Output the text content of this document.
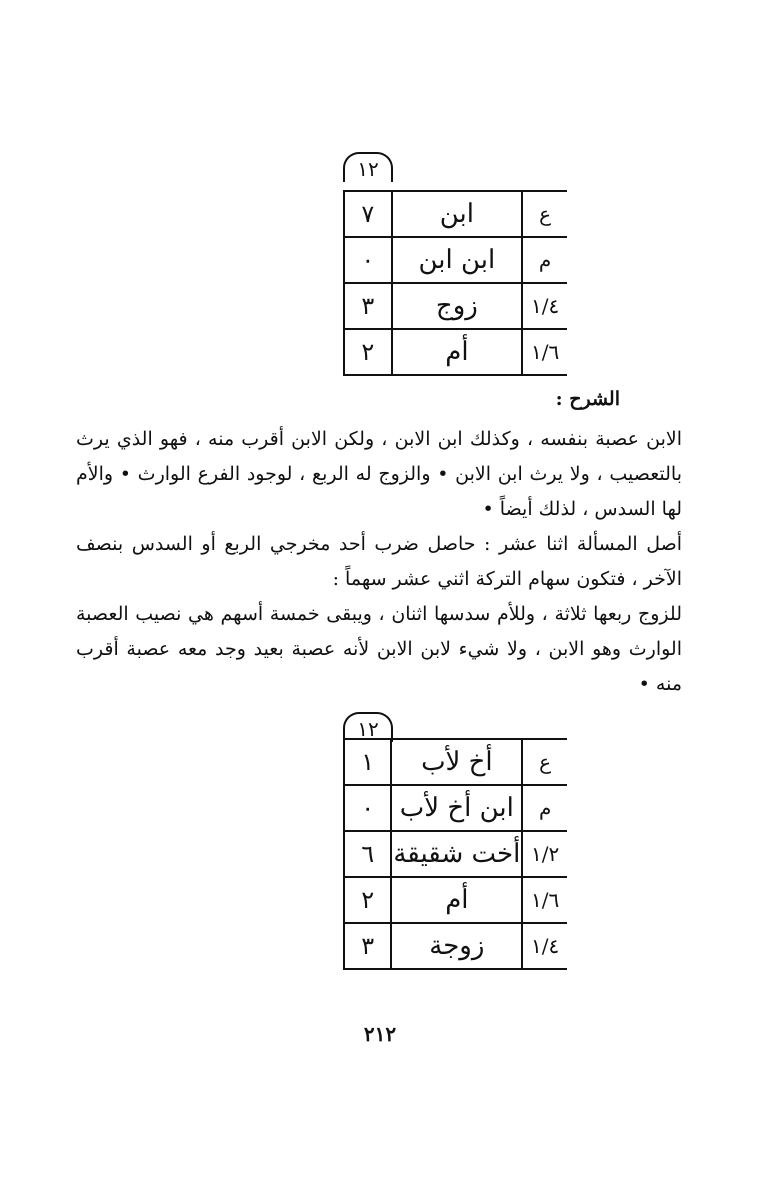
١٢
ع	ابن	٧
م	ابن ابن	٠
١/٤	زوج	٣
١/٦	أم	٢
الشرح :

الابن عصبة بنفسه ، وكذلك ابن الابن ، ولكن الابن أقرب منه ، فهو الذي يرث بالتعصيب ، ولا يرث ابن الابن • والزوج له الربع ، لوجود الفرع الوارث • والأم لها السدس ، لذلك أيضاً •

أصل المسألة اثنا عشر : حاصل ضرب أحد مخرجي الربع أو السدس بنصف الآخر ، فتكون سهام التركة اثني عشر سهماً :

للزوج ربعها ثلاثة ، وللأم سدسها اثنان ، ويبقى خمسة أسهم هي نصيب العصبة الوارث وهو الابن ، ولا شيء لابن الابن لأنه عصبة بعيد وجد معه عصبة أقرب منه •

١٢
ع	أخ لأب	١
م	ابن أخ لأب	٠
١/٢	أخت شقيقة	٦
١/٦	أم	٢
١/٤	زوجة	٣
٢١٢
